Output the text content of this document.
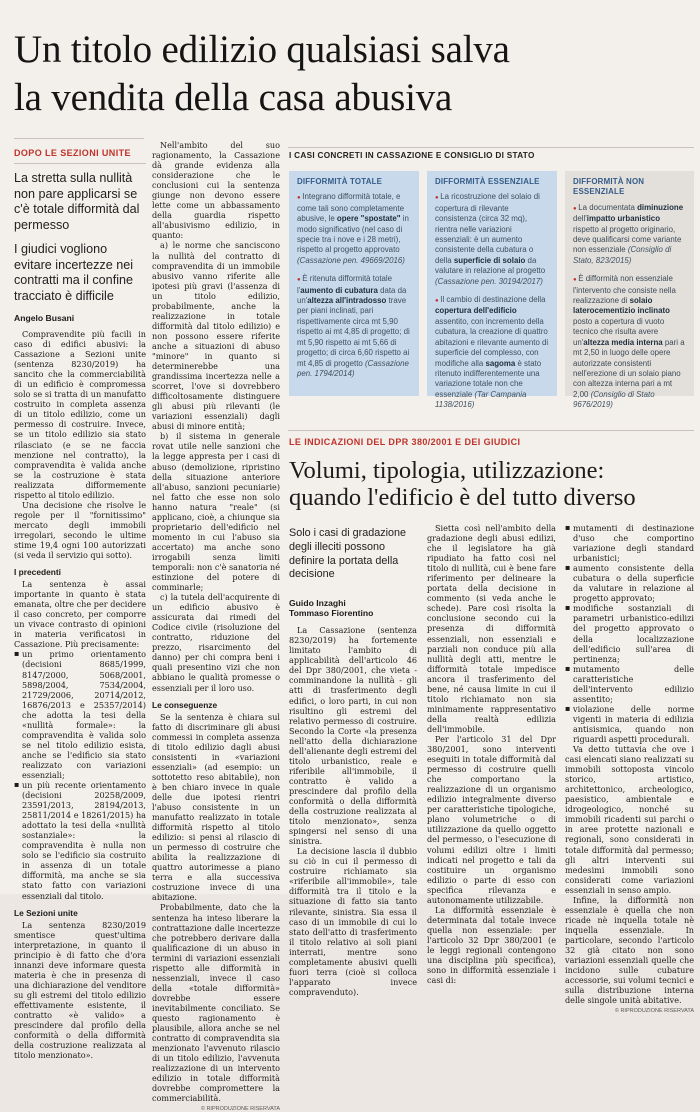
Un titolo edilizio qualsiasi salva
la vendita della casa abusiva
DOPO LE SEZIONI UNITE
La stretta sulla nullità non pare applicarsi se c'è totale difformità dal permesso
I giudici vogliono evitare incertezze nei contratti ma il confine tracciato è difficile
Angelo Busani

Compravendite più facili in caso di edifici abusivi: la Cassazione a Sezioni unite (sentenza 8230/2019) ha sancito che la commerciabilità di un edificio è compromessa solo se si tratta di un manufatto costruito in completa assenza di un titolo edilizio, come un permesso di costruire. Invece, se un titolo edilizio sia stato rilasciato (e se ne faccia menzione nel contratto), la compravendita è valida anche se la costruzione è stata realizzata difformemente rispetto al titolo edilizio.

Una decisione che risolve le regole per il "fornitissimo" mercato degli immobili irregolari, secondo le ultime stime 19,4 ogni 100 autorizzati (si veda il servizio qui sotto).

I precedenti

La sentenza è assai importante in quanto è stata emanata, oltre che per decidere il caso concreto, per comporre un vivace contrasto di opinioni in materia verificatosi in Cassazione. Più precisamente:

▪ un primo orientamento (decisioni 8685/1999, 8147/2000, 5068/2001, 5898/2004, 7534/2004, 21729/2006, 20714/2012, 16876/2013 e 25357/2014) che adotta la tesi della «nullità formale»: la compravendita è valida solo se nel titolo edilizio esista, anche se l'edificio sia stato realizzato con variazioni essenziali;

▪ un più recente orientamento (decisioni 20258/2009, 23591/2013, 28194/2013, 25811/2014 e 18261/2015) ha adottato la tesi della «nullità sostanziale»: la compravendita è nulla non solo se l'edificio sia costruito in assenza di un totale difformità, ma anche se sia stato fatto con variazioni essenziali dal titolo.

Le Sezioni unite

La sentenza 8230/2019 smentisce quest'ultima interpretazione, in quanto il principio è di fatto che d'ora innanzi deve informare questa materia è che in presenza di una dichiarazione del venditore su gli estremi del titolo edilizio effettivamente esistente, il contratto «è valido» a prescindere dal profilo della conformità o della difformità della costruzione realizzata al titolo menzionato».

Nell'ambito del suo ragionamento, la Cassazione dà grande evidenza alla considerazione che le conclusioni cui la sentenza giunge non devono essere lette come un abbassamento della guardia rispetto all'abusivismo edilizio, in quanto:

a) le norme che sanciscono la nullità del contratto di compravendita di un immobile abusivo vanno riferite alle ipotesi più gravi (l'assenza di un titolo edilizio, probabilmente, anche la realizzazione in totale difformità dal titolo edilizio) e non possono essere riferite anche a situazioni di abuso "minore" in quanto si determinerebbe una grandissima incertezza nelle a scorret, l'ove si dovrebbero difficoltosamente distinguere gli abusi più rilevanti (le variazioni essenziali) dagli abusi di minore entità;

b) il sistema in generale rovat utile nelle sanzioni che la legge appresta per i casi di abuso (demolizione, ripristino della situazione anteriore all'abuso, sanzioni pecuniarie) nel fatto che esse non solo hanno natura "reale" (si applicano, cioè, a chiunque sia proprietario dell'edificio nel momento in cui l'abuso sia accertato) ma anche sono irrogabili senza limiti temporali: non c'è sanatoria né estinzione del potere di comminarle;

c) la tutela dell'acquirente di un edificio abusivo è assicurata dai rimedi del Codice civile (risoluzione del contratto, riduzione del prezzo, risarcimento del danno) per chi compra beni i quali presentino vizi che non abbiano le qualità promesse o essenziali per il loro uso.

Le conseguenze

Se la sentenza è chiara sul fatto di discriminare gli abusi commessi in completa assenza di titolo edilizio dagli abusi consistenti in «variazioni essenziali» (ad esempio: un sottotetto reso abitabile), non è ben chiaro invece in quale delle due ipotesi rientri l'abuso consistente in un manufatto realizzato in totale difformità rispetto al titolo edilizio: si pensi al rilascio di un permesso di costruire che abilita la realizzazione di quattro autorimesse a piano terra e alla successiva costruzione invece di una abitazione.

Probabilmente, dato che la sentenza ha inteso liberare la contrattazione dalle incertezze che potrebbero derivare dalla qualificazione di un abuso in termini di variazioni essenziali rispetto alle difformità in nessenziali, invece il caso della «totale difformità» dovrebbe essere inevitabilmente conciliato. Se questo ragionamento è plausibile, allora anche se nel contratto di compravendita sia menzionato l'avvenuto rilascio di un titolo edilizio, l'avvenuta realizzazione di un intervento edilizio in totale difformità dovrebbe compromettere la commerciabilità.

© RIPRODUZIONE RISERVATA
I CASI CONCRETI IN CASSAZIONE E CONSIGLIO DI STATO
DIFFORMITÀ TOTALE
● Integrano difformità totale, e come tali sono completamente abusive, le opere "spostate" in modo significativo (nel caso di specie tra i nove e i 28 metri), rispetto al progetto approvato (Cassazione pen. 49669/2016)
● È ritenuta difformità totale l'aumento di cubatura data da un'altezza all'intradosso trave per piani inclinati, pari rispettivamente circa mt 5,90 rispetto ai mt 4,85 di progetto; di mt 5,90 rispetto ai mt 5,66 di progetto; di circa 6,60 rispetto ai mt 4,85 di progetto (Cassazione pen. 1794/2014)
DIFFORMITÀ ESSENZIALE
● La ricostruzione del solaio di copertura di rilevante consistenza (circa 32 mq), rientra nelle variazioni essenziali: è un aumento consistente della cubatura o della superficie di solaio da valutare in relazione al progetto (Cassazione pen. 30194/2017)
● Il cambio di destinazione della copertura dell'edificio assentito, con incremento della cubatura, la creazione di quattro abitazioni e rilevante aumento di superficie del complesso, con modifiche alla sagoma è stato ritenuto indifferentemente una variazione totale non che essenziale (Tar Campania 1138/2016)
DIFFORMITÀ NON ESSENZIALE
● La documentata diminuzione dell'impatto urbanistico rispetto al progetto originario, deve qualificarsi come variante non essenziale (Consiglio di Stato, 823/2015)
● È difformità non essenziale l'intervento che consiste nella realizzazione di solaio laterocementizio inclinato posto a copertura di vuoto tecnico che risulta avere un'altezza media interna pari a mt 2,50 in luogo delle opere autorizzate consistenti nell'erezione di un solaio piano con altezza interna pari a mt 2,00 (Consiglio di Stato 9676/2019)
LE INDICAZIONI DEL DPR 380/2001 E DEI GIUDICI
Volumi, tipologia, utilizzazione:
quando l'edificio è del tutto diverso
Solo i casi di gradazione degli illeciti possono definire la portata della decisione
Guido Inzaghi
Tommaso Fiorentino

La Cassazione (sentenza 8230/2019) ha fortemente limitato l'ambito di applicabilità dell'articolo 46 del Dpr 380/2001, che vieta - comminandone la nullità - gli atti di trasferimento degli edifici, o loro parti, in cui non risultino gli estremi del relativo permesso di costruire. Secondo la Corte «la presenza nell'atto della dichiarazione dell'alienante degli estremi del titolo urbanistico, reale e riferibile all'immobile, il contratto è valido a prescindere dal profilo della conformità o della difformità della costruzione realizzata al titolo menzionato», senza spingersi nel senso di una sinistra.

La decisione lascia il dubbio su ciò in cui il permesso di costruire richiamato sia «riferibile all'immobile», tale difformità tra il titolo e la situazione di fatto sia tanto rilevante, sinistra. Sia essa il caso di un immobile di cui lo stato dell'atto di trasferimento il titolo relativo ai soli piani interrati, mentre sono completamente abusivi quelli fuori terra (cioè si colloca l'apparato invece compravenduto).

Sietta così nell'ambito della gradazione degli abusi edilizi, che il legislatore ha già ripudiato ha fatto così nel titolo di nullità, cui è bene fare riferimento per delineare la portata della decisione in commento (si veda anche le schede). Pare così risolta la conclusione secondo cui la presenza di difformità essenziali, non essenziali e parziali non conduce più alla nullità degli atti, mentre le difformità totale impedisce ancora il trasferimento del bene, né causa limite in cui il titolo richiamato non sia minimamente rappresentativo della realtà edilizia dell'immobile.

Per l'articolo 31 del Dpr 380/2001, sono interventi eseguiti in totale difformità dal permesso di costruire quelli che comportano la realizzazione di un organismo edilizio integralmente diverso per caratteristiche tipologiche, plano volumetriche o di utilizzazione da quello oggetto del permesso, o l'esecuzione di volumi edilizi oltre i limiti indicati nel progetto e tali da costituire un organismo edilizio o parte di esso con specifica rilevanza e autonomamente utilizzabile.

La difformità essenziale è determinata dal totale invece quella non essenziale: per l'articolo 32 Dpr 380/2001 (e le leggi regionali contengono una disciplina più specifica), sono in difformità essenziale i casi di:

▪ mutamenti di destinazione d'uso che comportino variazione degli standard urbanistici;

▪ aumento consistente della cubatura o della superficie da valutare in relazione al progetto approvato;

▪ modifiche sostanziali di parametri urbanistico-edilizi del progetto approvato o della localizzazione dell'edificio sull'area di pertinenza;

▪ mutamento delle caratteristiche dell'intervento edilizio assentito;

▪ violazione delle norme vigenti in materia di edilizia antisismica, quando non riguardi aspetti procedurali.

Va detto tuttavia che ove i casi elencati siano realizzati su immobili sottoposta vincolo storico, artistico, architettonico, archeologico, paesistico, ambientale e idrogeologico, nonché su immobili ricadenti sui parchi o in aree protette nazionali e regionali, sono considerati in totale difformità dal permesso; gli altri interventi sui medesimi immobili sono considerati come variazioni essenziali in senso ampio.

Infine, la difformità non essenziale è quella che non ricade nè inquella totale nè inquella essenziale. In particolare, secondo l'articolo 32 già citato non sono variazioni essenziali quelle che incidono sulle cubature accessorie, sui volumi tecnici e sulla distribuzione interna delle singole unità abitative.

© RIPRODUZIONE RISERVATA
